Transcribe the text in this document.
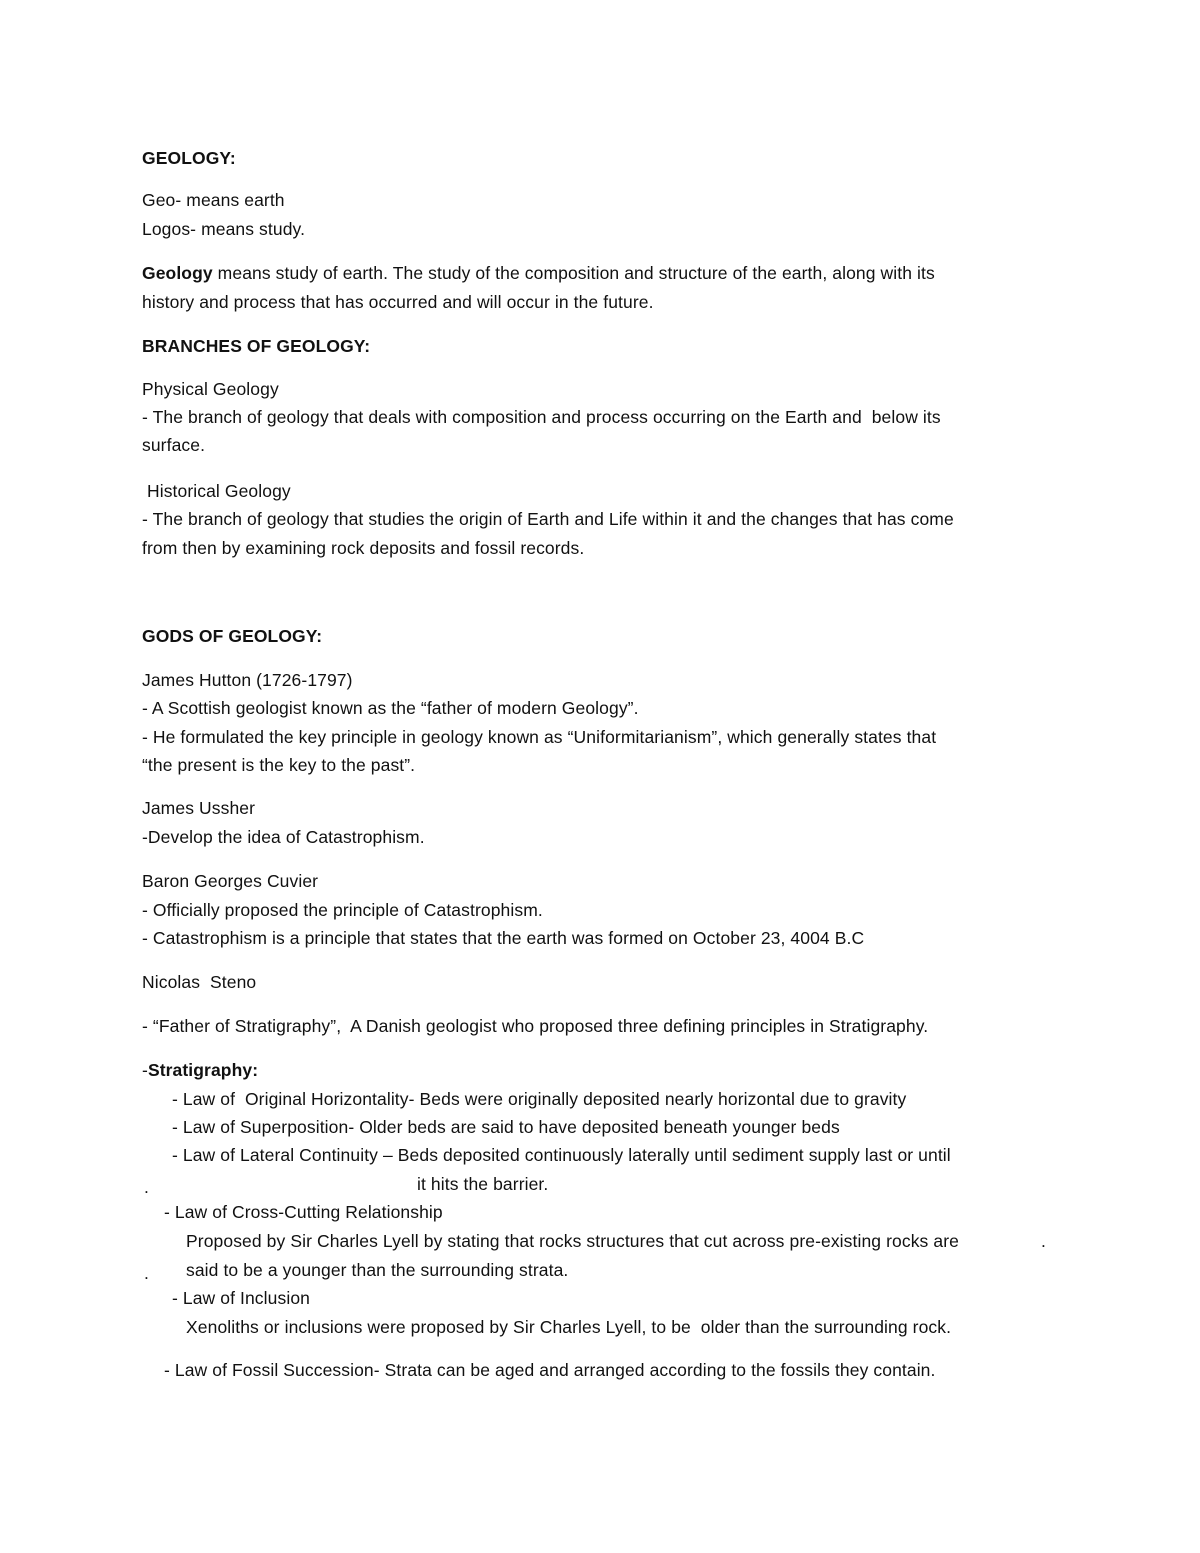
GEOLOGY:
Geo- means earth
Logos- means study.
Geology means study of earth. The study of the composition and structure of the earth, along with its
history and process that has occurred and will occur in the future.
BRANCHES OF GEOLOGY:
Physical Geology
- The branch of geology that deals with composition and process occurring on the Earth and  below its
surface.
Historical Geology
- The branch of geology that studies the origin of Earth and Life within it and the changes that has come
from then by examining rock deposits and fossil records.
GODS OF GEOLOGY:
James Hutton (1726-1797)
- A Scottish geologist known as the “father of modern Geology”.
- He formulated the key principle in geology known as “Uniformitarianism”, which generally states that
“the present is the key to the past”.
James Ussher
-Develop the idea of Catastrophism.
Baron Georges Cuvier
- Officially proposed the principle of Catastrophism.
- Catastrophism is a principle that states that the earth was formed on October 23, 4004 B.C
Nicolas  Steno
- “Father of Stratigraphy”,  A Danish geologist who proposed three defining principles in Stratigraphy.
-Stratigraphy:
- Law of  Original Horizontality- Beds were originally deposited nearly horizontal due to gravity
- Law of Superposition- Older beds are said to have deposited beneath younger beds
- Law of Lateral Continuity – Beds deposited continuously laterally until sediment supply last or until
.	it hits the barrier.
- Law of Cross-Cutting Relationship
Proposed by Sir Charles Lyell by stating that rocks structures that cut across pre-existing rocks are	.
. said to be a younger than the surrounding strata.
- Law of Inclusion
Xenoliths or inclusions were proposed by Sir Charles Lyell, to be  older than the surrounding rock.
- Law of Fossil Succession- Strata can be aged and arranged according to the fossils they contain.
